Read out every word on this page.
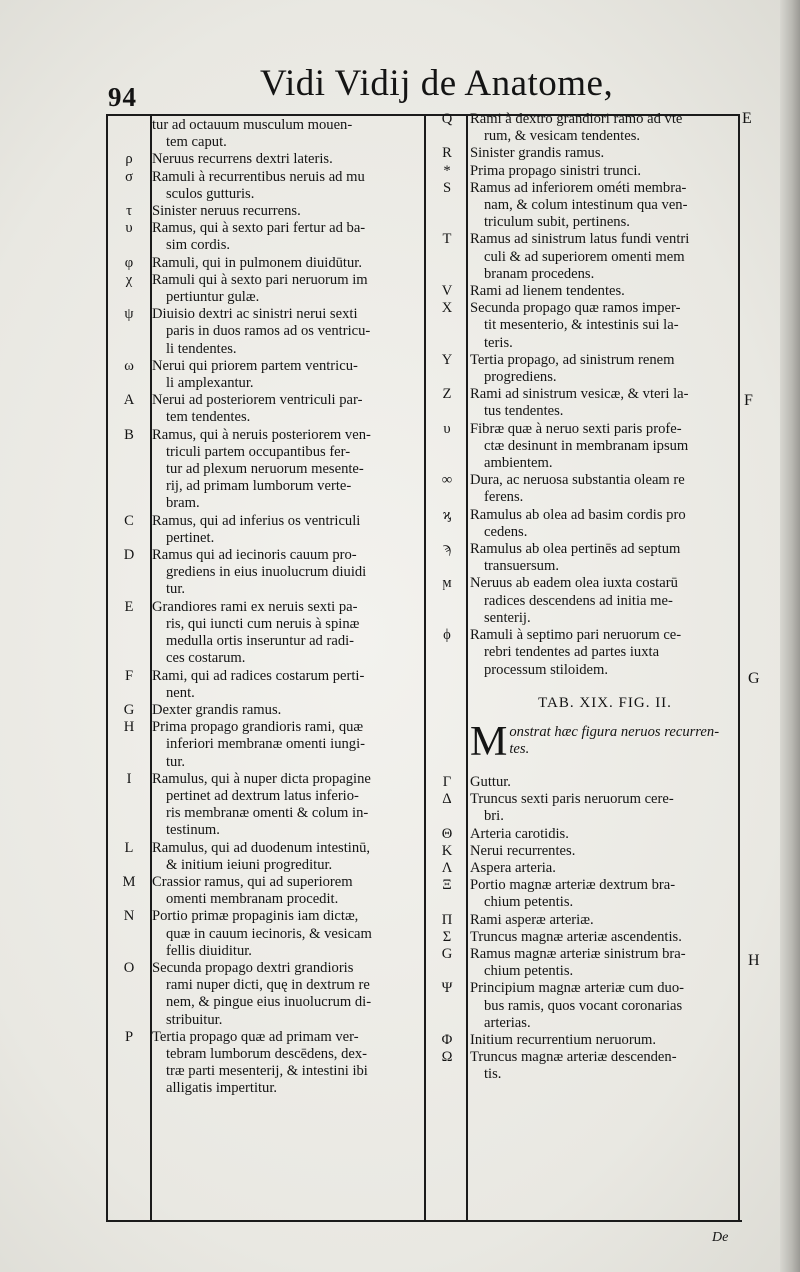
94	Vidi Vidij de Anatome,
tur ad octauum musculum mouen-
tem caput.
ρ	Neruus recurrens dextri lateris.
σ	Ramuli à recurrentibus neruis ad mu
sculos gutturis.
τ	Sinister neruus recurrens.
υ	Ramus, qui à sexto pari fertur ad ba-
sim cordis.
φ	Ramuli, qui in pulmonem diuidūtur.
χ	Ramuli qui à sexto pari neruorum im
pertiuntur gulæ.
ψ	Diuisio dextri ac sinistri nerui sexti
paris in duos ramos ad os ventricu-
li tendentes.
ω	Nerui qui priorem partem ventricu-
li amplexantur.
A	Nerui ad posteriorem ventriculi par-
tem tendentes.
B	Ramus, qui à neruis posteriorem ven-
triculi partem occupantibus fer-
tur ad plexum neruorum mesente-
rij, ad primam lumborum verte-
bram.
C	Ramus, qui ad inferius os ventriculi
pertinet.
D	Ramus qui ad iecinoris cauum pro-
grediens in eius inuolucrum diuidi
tur.
E	Grandiores rami ex neruis sexti pa-
ris, qui iuncti cum neruis à spinæ
medulla ortis inseruntur ad radi-
ces costarum.
F	Rami, qui ad radices costarum perti-
nent.
G	Dexter grandis ramus.
H	Prima propago grandioris rami, quæ
inferiori membranæ omenti iungi-
tur.
I	Ramulus, qui à nuper dicta propagine
pertinet ad dextrum latus inferio-
ris membranæ omenti & colum in-
testinum.
L	Ramulus, qui ad duodenum intestinū,
& initium ieiuni progreditur.
M	Crassior ramus, qui ad superiorem
omenti membranam procedit.
N	Portio primæ propaginis iam dictæ,
quæ in cauum iecinoris, & vesicam
fellis diuiditur.
O	Secunda propago dextri grandioris
rami nuper dicti, quę in dextrum re
nem, & pingue eius inuolucrum di-
stribuitur.
P	Tertia propago quæ ad primam ver-
tebram lumborum descēdens, dex-
træ parti mesenterij, & intestini ibi
alligatis impertitur.
Q	Rami à dextro grandiori ramo ad vte
rum, & vesicam tendentes.
R	Sinister grandis ramus.
*	Prima propago sinistri trunci.
S	Ramus ad inferiorem ométi membra-
nam, & colum intestinum qua ven-
triculum subit, pertinens.
T	Ramus ad sinistrum latus fundi ventri
culi & ad superiorem omenti mem
branam procedens.
V	Rami ad lienem tendentes.
X	Secunda propago quæ ramos imper-
tit mesenterio, & intestinis sui la-
teris.
Y	Tertia propago, ad sinistrum renem
progrediens.
Z	Rami ad sinistrum vesicæ, & vteri la-
tus tendentes.
υ	Fibræ quæ à neruo sexti paris profe-
ctæ desinunt in membranam ipsum
ambientem.
∞	Dura, ac neruosa substantia oleam re
ferens.
ϗ	Ramulus ab olea ad basim cordis pro
cedens.
ϡ	Ramulus ab olea pertinēs ad septum
transuersum.
ϻ	Neruus ab eadem olea iuxta costarū
radices descendens ad initia me-
senterij.
ϕ	Ramuli à septimo pari neruorum ce-
rebri tendentes ad partes iuxta
processum stiloidem.
TAB. XIX. FIG. II.
M onstrat hæc figura neruos recurren-
tes.
Γ	Guttur.
Δ	Truncus sexti paris neruorum cere-
bri.
Θ	Arteria carotidis.
Κ	Nerui recurrentes.
Λ	Aspera arteria.
Ξ	Portio magnæ arteriæ dextrum bra-
chium petentis.
Π	Rami asperæ arteriæ.
Σ	Truncus magnæ arteriæ ascendentis.
G	Ramus magnæ arteriæ sinistrum bra-
chium petentis.
Ψ	Principium magnæ arteriæ cum duo-
bus ramis, quos vocant coronarias
arterias.
Φ	Initium recurrentium neruorum.
Ω	Truncus magnæ arteriæ descenden-
tis.
E
F
G
H
De
